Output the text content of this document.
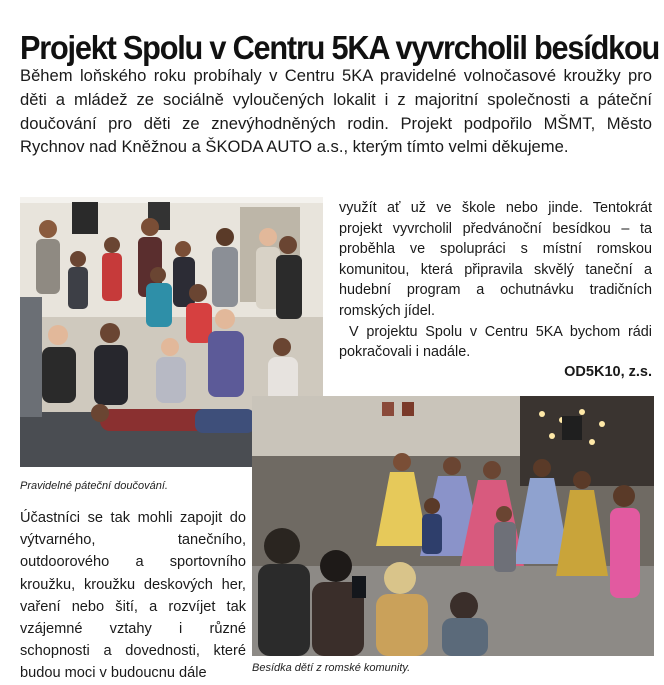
Projekt Spolu v Centru 5KA vyvrcholil besídkou
Během loňského roku probíhaly v Centru 5KA pravidelné volnočasové kroužky pro děti a mládež ze sociálně vyloučených lokalit i z majoritní společnosti a páteční doučování pro děti ze znevýhodněných rodin. Projekt podpořilo MŠMT, Město Rychnov nad Kněžnou a ŠKODA AUTO a.s., kterým tímto velmi děkujeme.
Pravidelné páteční doučování.

využít ať už ve škole nebo jinde. Tentokrát projekt vyvrcholil předvánoční besídkou – ta proběhla ve spolupráci s místní romskou komunitou, která připravila skvělý taneční a hudební program a ochutnávku tradičních romských jídel.

V projektu Spolu v Centru 5KA bychom rádi pokračovali i nadále.

OD5K10, z.s.
Besídka dětí z romské komunity.
Účastníci se tak mohli zapojit do výtvarného, tanečního, outdoorového a sportovního kroužku, kroužku deskových her, vaření nebo šití, a rozvíjet tak vzájemné vztahy i různé schopnosti a dovednosti, které budou moci v budoucnu dále
